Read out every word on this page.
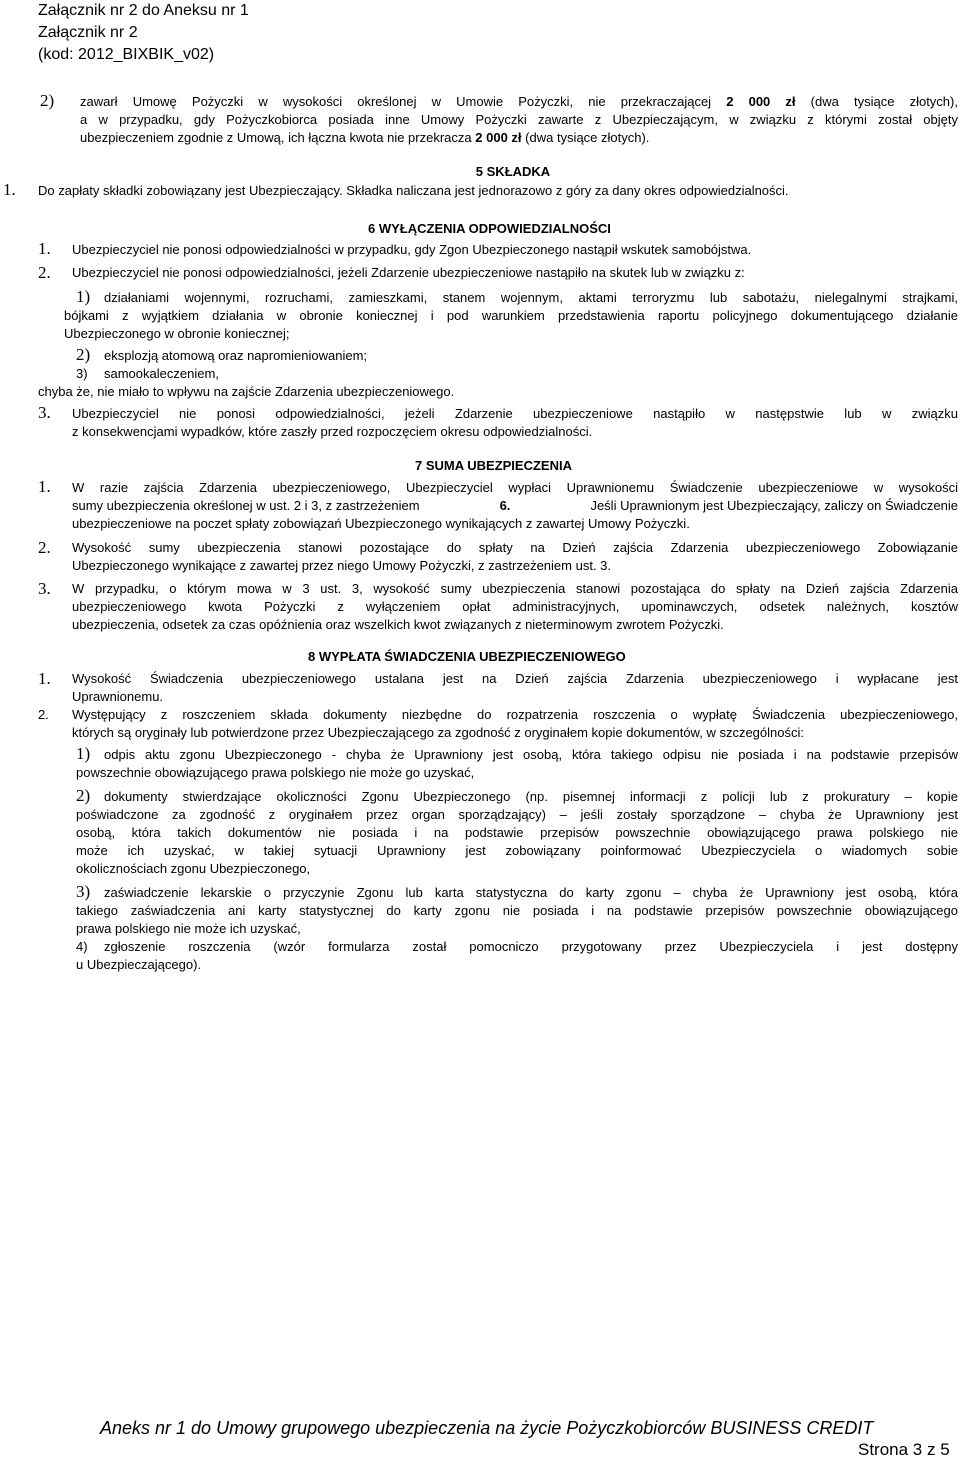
Załącznik nr 2 do Aneksu nr 1
Załącznik nr 2
(kod: 2012_BIXBIK_v02)
2) zawarł Umowę Pożyczki w wysokości określonej w Umowie Pożyczki, nie przekraczającej 2 000 zł (dwa tysiące złotych),
a w przypadku, gdy Pożyczkobiorca posiada inne Umowy Pożyczki zawarte z Ubezpieczającym, w związku z którymi został objęty
ubezpieczeniem zgodnie z Umową, ich łączna kwota nie przekracza 2 000 zł (dwa tysiące złotych).
5 SKŁADKA
1. Do zapłaty składki zobowiązany jest Ubezpieczający. Składka naliczana jest jednorazowo z góry za dany okres odpowiedzialności.
6 WYŁĄCZENIA ODPOWIEDZIALNOŚCI
1. Ubezpieczyciel nie ponosi odpowiedzialności w przypadku, gdy Zgon Ubezpieczonego nastąpił wskutek samobójstwa.
2. Ubezpieczyciel nie ponosi odpowiedzialności, jeżeli Zdarzenie ubezpieczeniowe nastąpiło na skutek lub w związku z:
1) działaniami wojennymi, rozruchami, zamieszkami, stanem wojennym, aktami terroryzmu lub sabotażu, nielegalnymi strajkami,
bójkami z wyjątkiem działania w obronie koniecznej i pod warunkiem przedstawienia raportu policyjnego dokumentującego działanie
Ubezpieczonego w obronie koniecznej;
2) eksplozją atomową oraz napromieniowaniem;
3) samookaleczeniem,
chyba że, nie miało to wpływu na zajście Zdarzenia ubezpieczeniowego.
3. Ubezpieczyciel nie ponosi odpowiedzialności, jeżeli Zdarzenie ubezpieczeniowe nastąpiło w następstwie lub w związku
z konsekwencjami wypadków, które zaszły przed rozpoczęciem okresu odpowiedzialności.
7 SUMA UBEZPIECZENIA
1. W razie zajścia Zdarzenia ubezpieczeniowego, Ubezpieczyciel wypłaci Uprawnionemu Świadczenie ubezpieczeniowe w wysokości
sumy ubezpieczenia określonej w ust. 2 i 3, z zastrzeżeniem	6.	Jeśli Uprawnionym jest Ubezpieczający, zaliczy on Świadczenie
ubezpieczeniowe na poczet spłaty zobowiązań Ubezpieczonego wynikających z zawartej Umowy Pożyczki.
2. Wysokość sumy ubezpieczenia stanowi pozostające do spłaty na Dzień zajścia Zdarzenia ubezpieczeniowego Zobowiązanie
Ubezpieczonego wynikające z zawartej przez niego Umowy Pożyczki, z zastrzeżeniem ust. 3.
3. W przypadku, o którym mowa w 3 ust. 3, wysokość sumy ubezpieczenia stanowi pozostająca do spłaty na Dzień zajścia Zdarzenia
ubezpieczeniowego kwota Pożyczki z wyłączeniem opłat administracyjnych, upominawczych, odsetek należnych, kosztów
ubezpieczenia, odsetek za czas opóźnienia oraz wszelkich kwot związanych z nieterminowym zwrotem Pożyczki.
8 WYPŁATA ŚWIADCZENIA UBEZPIECZENIOWEGO
1. Wysokość Świadczenia ubezpieczeniowego ustalana jest na Dzień zajścia Zdarzenia ubezpieczeniowego i wypłacane jest
Uprawnionemu.
2. Występujący z roszczeniem składa dokumenty niezbędne do rozpatrzenia roszczenia o wypłatę Świadczenia ubezpieczeniowego,
których są oryginały lub potwierdzone przez Ubezpieczającego za zgodność z oryginałem kopie dokumentów, w szczególności:
1) odpis aktu zgonu Ubezpieczonego - chyba że Uprawniony jest osobą, która takiego odpisu nie posiada i na podstawie przepisów
powszechnie obowiązującego prawa polskiego nie może go uzyskać,
2) dokumenty stwierdzające okoliczności Zgonu Ubezpieczonego (np. pisemnej informacji z policji lub z prokuratury – kopie
poświadczone za zgodność z oryginałem przez organ sporządzający) – jeśli zostały sporządzone – chyba że Uprawniony jest
osobą, która takich dokumentów nie posiada i na podstawie przepisów powszechnie obowiązującego prawa polskiego nie
może ich uzyskać, w takiej sytuacji Uprawniony jest zobowiązany poinformować Ubezpieczyciela o wiadomych sobie
okolicznościach zgonu Ubezpieczonego,
3) zaświadczenie lekarskie o przyczynie Zgonu lub karta statystyczna do karty zgonu – chyba że Uprawniony jest osobą, która
takiego zaświadczenia ani karty statystycznej do karty zgonu nie posiada i na podstawie przepisów powszechnie obowiązującego
prawa polskiego nie może ich uzyskać,
4) zgłoszenie roszczenia (wzór formularza został pomocniczo przygotowany przez Ubezpieczyciela i jest dostępny
u Ubezpieczającego).
Aneks nr 1 do Umowy grupowego ubezpieczenia na życie Pożyczkobiorców BUSINESS CREDIT
Strona 3 z 5
